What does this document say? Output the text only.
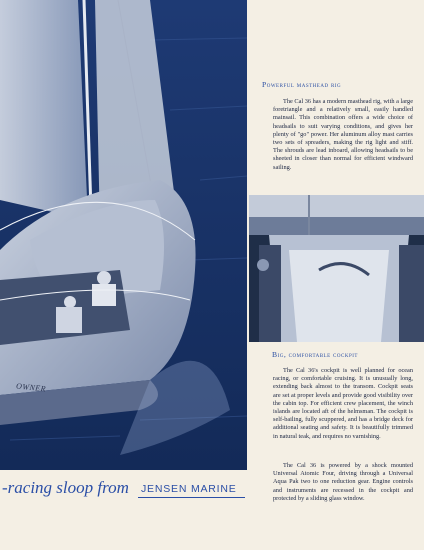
OWNER
Powerful masthead rig
The Cal 36 has a modern masthead rig, with a large foretriangle and a relatively small, easily handled mainsail. This combination offers a wide choice of headsails to suit varying conditions, and gives her plenty of "go" power. Her aluminum alloy mast carries two sets of spreaders, making the rig light and stiff. The shrouds are lead inboard, allowing headsails to be sheeted in closer than normal for efficient windward sailing.
Big, comfortable cockpit
The Cal 36's cockpit is well planned for ocean racing, or comfortable cruising. It is unusually long, extending back almost to the transom. Cockpit seats are set at proper levels and provide good visibility over the cabin top. For efficient crew placement, the winch islands are located aft of the helmsman. The cockpit is self-bailing, fully scuppered, and has a bridge deck for additional seating and safety. It is beautifully trimmed in natural teak, and requires no varnishing.
The Cal 36 is powered by a shock mounted Universal Atomic Four, driving through a Universal Aqua Pak two to one reduction gear. Engine controls and instruments are recessed in the cockpit and protected by a sliding glass window.
-racing sloop from JENSEN MARINE
